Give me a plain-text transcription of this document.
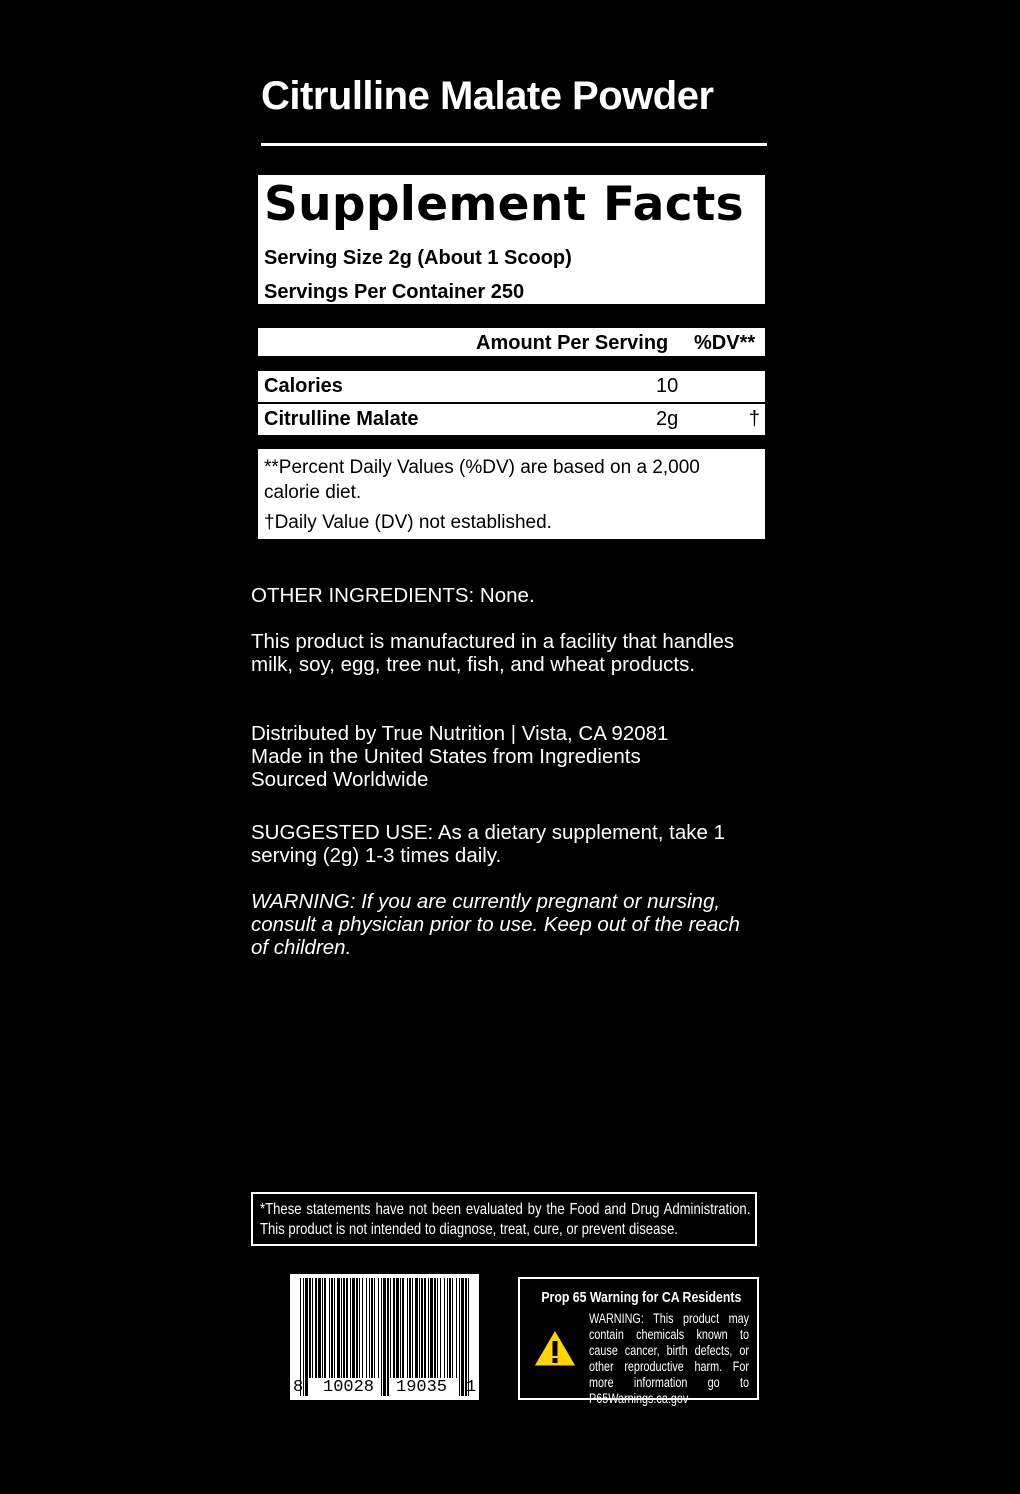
Citrulline Malate Powder
Supplement Facts
Serving Size 2g (About 1 Scoop)
Servings Per Container 250
Amount Per Serving %DV**
Calories	10
Citrulline Malate	2g	†
**Percent Daily Values (%DV) are based on a 2,000 calorie diet.
†Daily Value (DV) not established.
OTHER INGREDIENTS: None.
This product is manufactured in a facility that handles milk, soy, egg, tree nut, fish, and wheat products.
Distributed by True Nutrition | Vista, CA 92081
Made in the United States from Ingredients Sourced Worldwide
SUGGESTED USE: As a dietary supplement, take 1 serving (2g) 1-3 times daily.
WARNING: If you are currently pregnant or nursing, consult a physician prior to use. Keep out of the reach of children.
*These statements have not been evaluated by the Food and Drug Administration. This product is not intended to diagnose, treat, cure, or prevent disease.
8 10028 19035 1
Prop 65 Warning for CA Residents
WARNING: This product may contain chemicals known to cause cancer, birth defects, or other reproductive harm. For more information go to P65Warnings.ca.gov
